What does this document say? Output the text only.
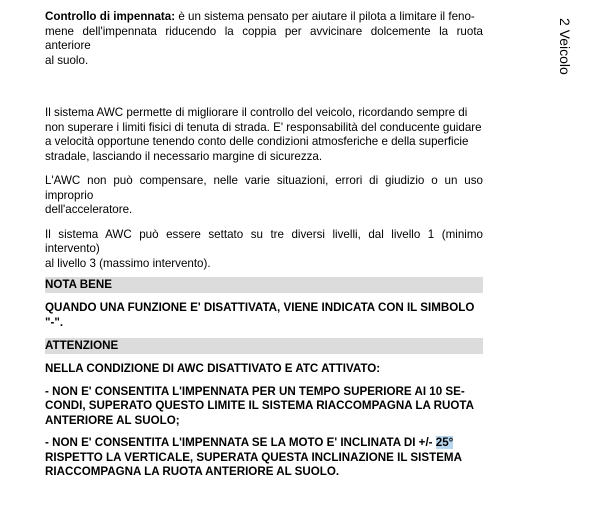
2 Veicolo
Controllo di impennata: è un sistema pensato per aiutare il pilota a limitare il feno-
mene dell'impennata riducendo la coppia per avvicinare dolcemente la ruota anteriore
al suolo.
Il sistema AWC permette di migliorare il controllo del veicolo, ricordando sempre di
non superare i limiti fisici di tenuta di strada. E' responsabilità del conducente guidare
a velocità opportune tenendo conto delle condizioni atmosferiche e della superficie
stradale, lasciando il necessario margine di sicurezza.
L'AWC non può compensare, nelle varie situazioni, errori di giudizio o un uso improprio
dell'acceleratore.
Il sistema AWC può essere settato su tre diversi livelli, dal livello 1 (minimo intervento)
al livello 3 (massimo intervento).
NOTA BENE
QUANDO UNA FUNZIONE E' DISATTIVATA, VIENE INDICATA CON IL SIMBOLO
"-".
ATTENZIONE
NELLA CONDIZIONE DI AWC DISATTIVATO E ATC ATTIVATO:
- NON E' CONSENTITA L'IMPENNATA PER UN TEMPO SUPERIORE AI 10 SE-
CONDI, SUPERATO QUESTO LIMITE IL SISTEMA RIACCOMPAGNA LA RUOTA
ANTERIORE AL SUOLO;
- NON E' CONSENTITA L'IMPENNATA SE LA MOTO E' INCLINATA DI +/- 25°
RISPETTO LA VERTICALE, SUPERATA QUESTA INCLINAZIONE IL SISTEMA
RIACCOMPAGNA LA RUOTA ANTERIORE AL SUOLO.
